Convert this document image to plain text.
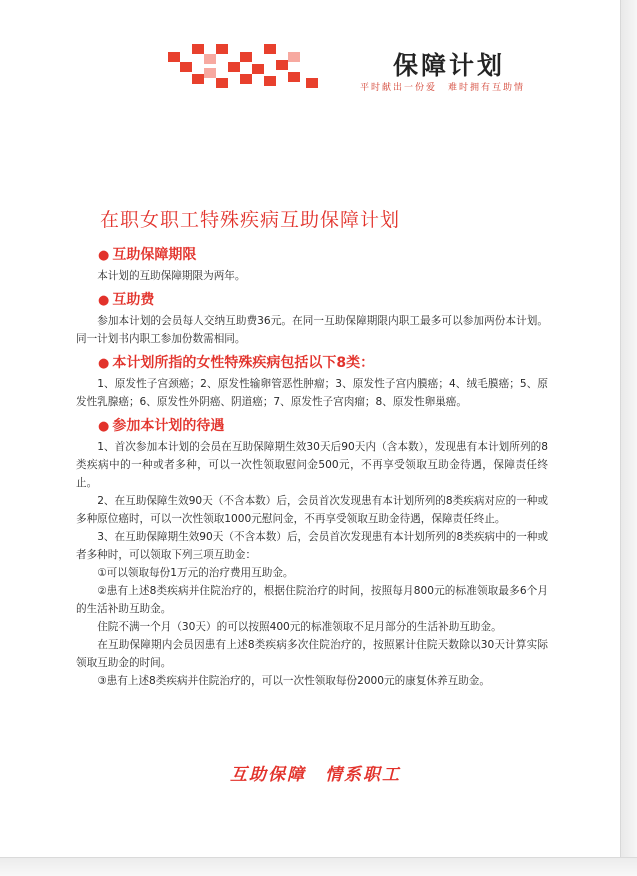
保障计划
平时献出一份爱　难时拥有互助情
在职女职工特殊疾病互助保障计划
● 互助保障期限

本计划的互助保障期限为两年。

● 互助费

参加本计划的会员每人交纳互助费36元。在同一互助保障期限内职工最多可以参加两份本计划。同一计划书内职工参加份数需相同。

● 本计划所指的女性特殊疾病包括以下8类：

1、原发性子宫颈癌；2、原发性输卵管恶性肿瘤；3、原发性子宫内膜癌；4、绒毛膜癌；5、原发性乳腺癌；6、原发性外阴癌、阴道癌；7、原发性子宫肉瘤；8、原发性卵巢癌。

● 参加本计划的待遇

1、首次参加本计划的会员在互助保障期生效30天后90天内（含本数），发现患有本计划所列的8类疾病中的一种或者多种，可以一次性领取慰问金500元，不再享受领取互助金待遇，保障责任终止。

2、在互助保障生效90天（不含本数）后，会员首次发现患有本计划所列的8类疾病对应的一种或多种原位癌时，可以一次性领取1000元慰问金，不再享受领取互助金待遇，保障责任终止。

3、在互助保障期生效90天（不含本数）后，会员首次发现患有本计划所列的8类疾病中的一种或者多种时，可以领取下列三项互助金：

①可以领取每份1万元的治疗费用互助金。

②患有上述8类疾病并住院治疗的，根据住院治疗的时间，按照每月800元的标准领取最多6个月的生活补助互助金。

住院不满一个月（30天）的可以按照400元的标准领取不足月部分的生活补助互助金。

在互助保障期内会员因患有上述8类疾病多次住院治疗的，按照累计住院天数除以30天计算实际领取互助金的时间。

③患有上述8类疾病并住院治疗的，可以一次性领取每份2000元的康复休养互助金。

互助保障　情系职工
